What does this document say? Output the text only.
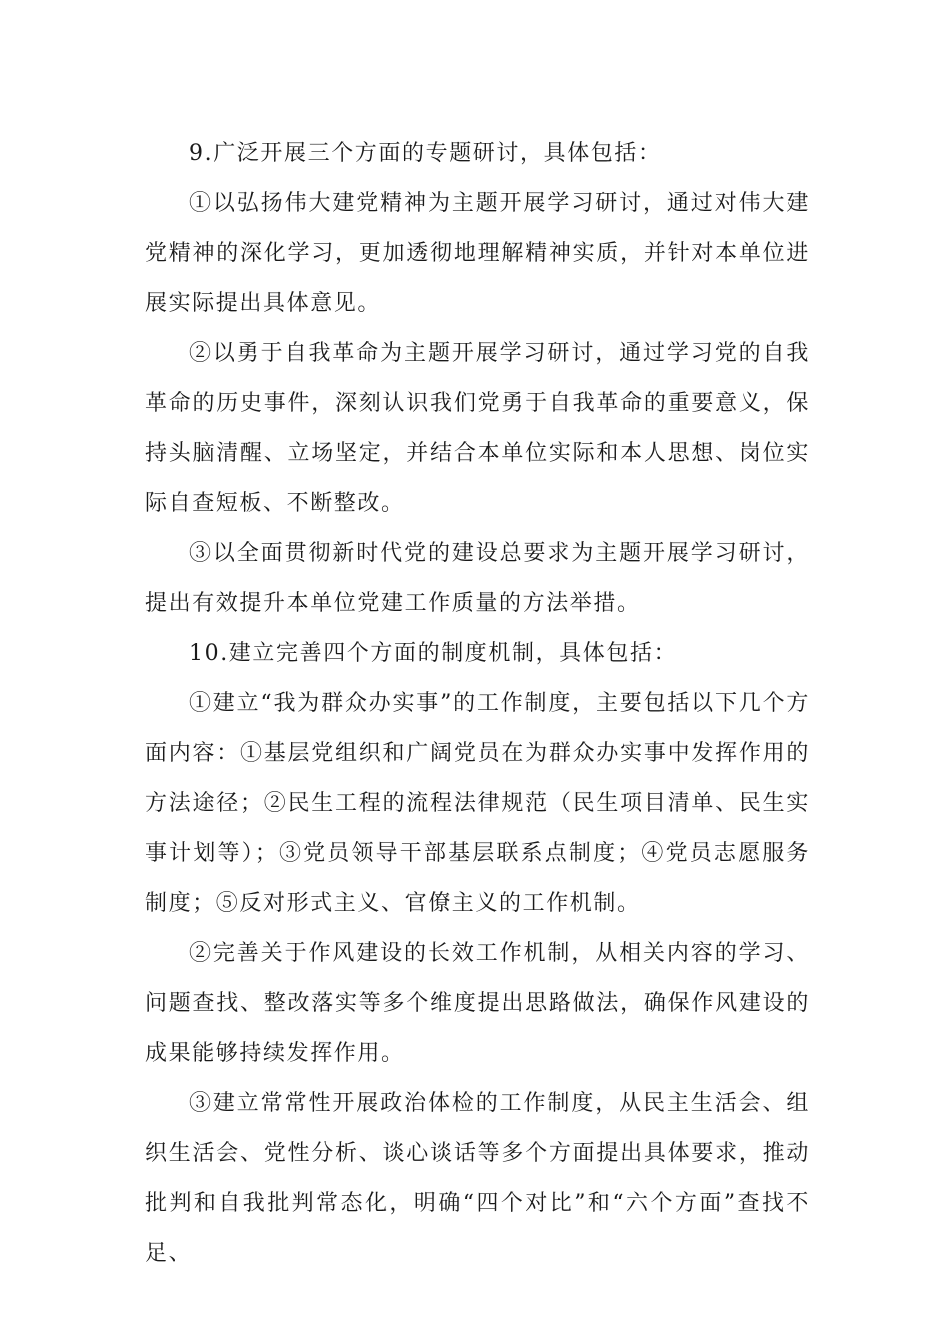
9.广泛开展三个方面的专题研讨，具体包括：

①以弘扬伟大建党精神为主题开展学习研讨，通过对伟大建党精神的深化学习，更加透彻地理解精神实质，并针对本单位进展实际提出具体意见。

②以勇于自我革命为主题开展学习研讨，通过学习党的自我革命的历史事件，深刻认识我们党勇于自我革命的重要意义，保持头脑清醒、立场坚定，并结合本单位实际和本人思想、岗位实际自查短板、不断整改。

③以全面贯彻新时代党的建设总要求为主题开展学习研讨，提出有效提升本单位党建工作质量的方法举措。

10.建立完善四个方面的制度机制，具体包括：

①建立“我为群众办实事”的工作制度，主要包括以下几个方面内容：①基层党组织和广阔党员在为群众办实事中发挥作用的方法途径；②民生工程的流程法律规范（民生项目清单、民生实事计划等）；③党员领导干部基层联系点制度；④党员志愿服务制度；⑤反对形式主义、官僚主义的工作机制。

②完善关于作风建设的长效工作机制，从相关内容的学习、问题查找、整改落实等多个维度提出思路做法，确保作风建设的成果能够持续发挥作用。

③建立常常性开展政治体检的工作制度，从民主生活会、组织生活会、党性分析、谈心谈话等多个方面提出具体要求，推动批判和自我批判常态化，明确“四个对比”和“六个方面”查找不足、
